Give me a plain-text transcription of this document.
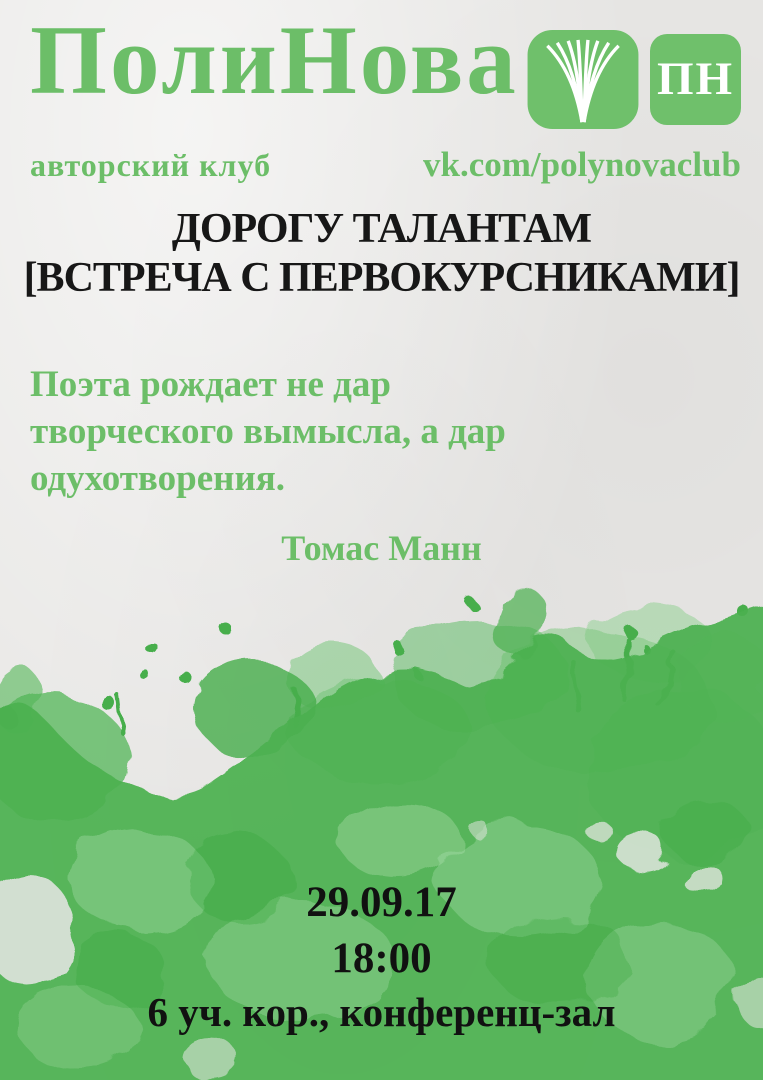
ПолиНова	ПН
авторский клуб	vk.com/polynovaclub
ДОРОГУ ТАЛАНТАМ
[ВСТРЕЧА С ПЕРВОКУРСНИКАМИ]
Поэта рождает не дар
творческого вымысла, а дар
одухотворения.
Томас Манн
29.09.17
18:00
6 уч. кор., конференц-зал
